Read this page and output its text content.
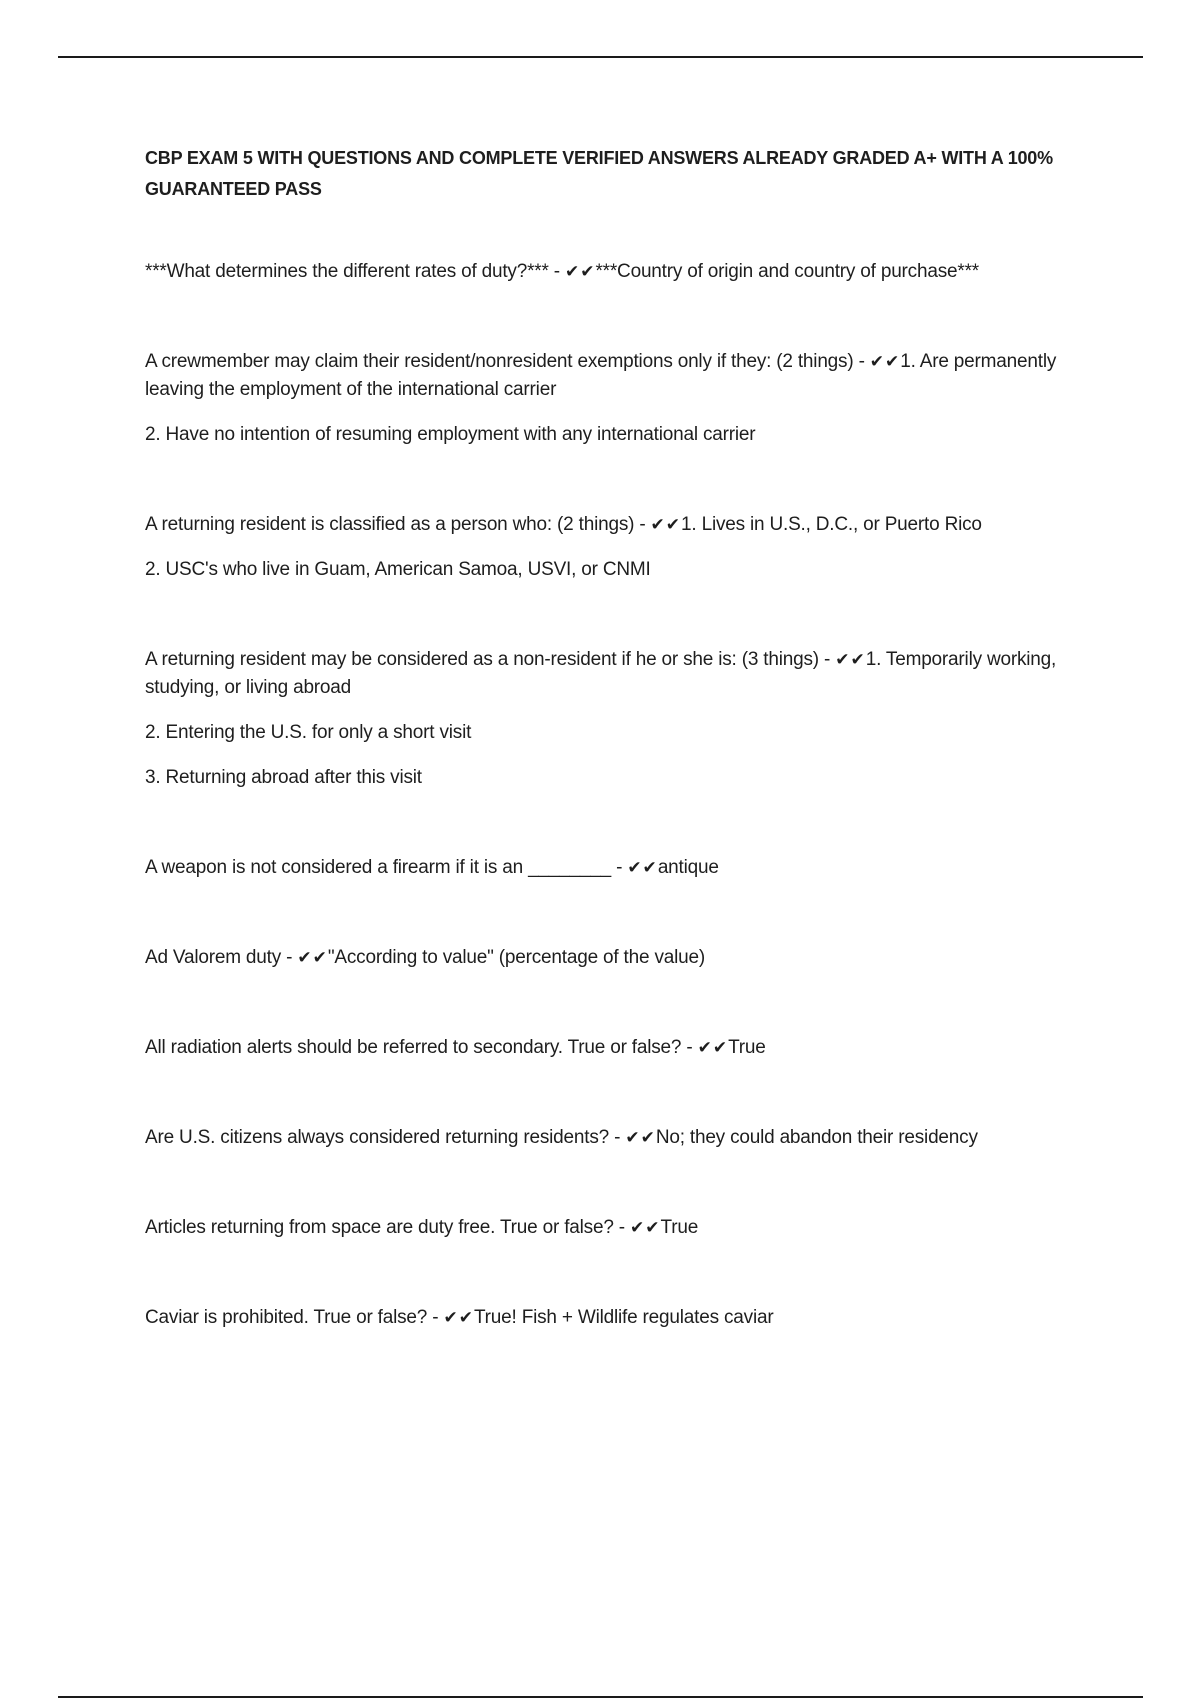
CBP EXAM 5 WITH QUESTIONS AND COMPLETE VERIFIED ANSWERS ALREADY GRADED A+ WITH A 100% GUARANTEED PASS

***What determines the different rates of duty?*** - ✔✔***Country of origin and country of purchase***

A crewmember may claim their resident/nonresident exemptions only if they: (2 things) - ✔✔1. Are permanently leaving the employment of the international carrier

2. Have no intention of resuming employment with any international carrier

A returning resident is classified as a person who: (2 things) - ✔✔1. Lives in U.S., D.C., or Puerto Rico

2. USC's who live in Guam, American Samoa, USVI, or CNMI

A returning resident may be considered as a non-resident if he or she is: (3 things) - ✔✔1. Temporarily working, studying, or living abroad

2. Entering the U.S. for only a short visit

3. Returning abroad after this visit

A weapon is not considered a firearm if it is an ________ - ✔✔antique

Ad Valorem duty - ✔✔"According to value" (percentage of the value)

All radiation alerts should be referred to secondary. True or false? - ✔✔True

Are U.S. citizens always considered returning residents? - ✔✔No; they could abandon their residency

Articles returning from space are duty free. True or false? - ✔✔True

Caviar is prohibited. True or false? - ✔✔True! Fish + Wildlife regulates caviar
